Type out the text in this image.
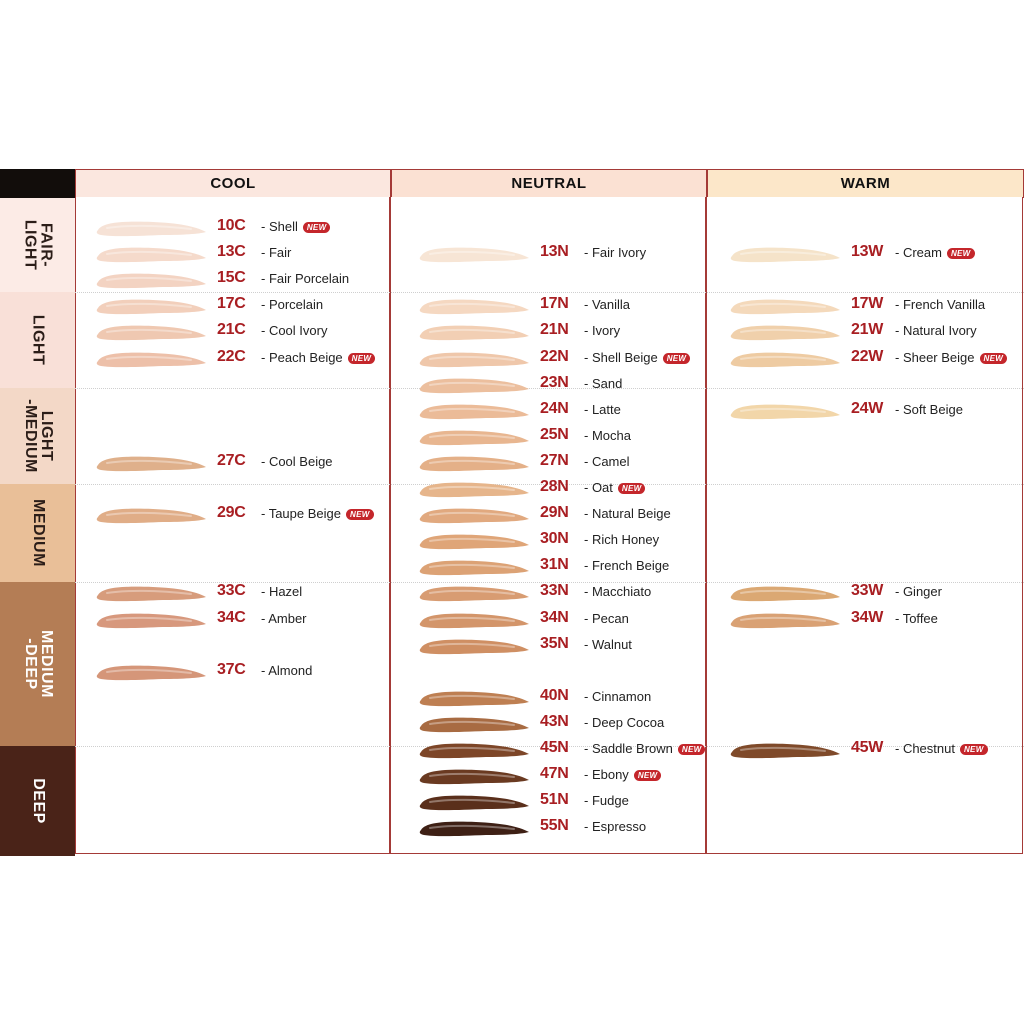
COOL	NEUTRAL	WARM
FAIR-
LIGHT
LIGHT
LIGHT
-MEDIUM
MEDIUM
MEDIUM
-DEEP
DEEP
10C - Shell NEW
13C - Fair
15C - Fair Porcelain
17C - Porcelain
21C - Cool Ivory
22C - Peach Beige NEW
27C - Cool Beige
29C - Taupe Beige NEW
33C - Hazel
34C - Amber
37C - Almond
13N - Fair Ivory
17N - Vanilla
21N - Ivory
22N - Shell Beige NEW
23N - Sand
24N - Latte
25N - Mocha
27N - Camel
28N - Oat NEW
29N - Natural Beige
30N - Rich Honey
31N - French Beige
33N - Macchiato
34N - Pecan
35N - Walnut
40N - Cinnamon
43N - Deep Cocoa
45N - Saddle Brown NEW
47N - Ebony NEW
51N - Fudge
55N - Espresso
13W - Cream NEW
17W - French Vanilla
21W - Natural Ivory
22W - Sheer Beige NEW
24W - Soft Beige
33W - Ginger
34W - Toffee
45W - Chestnut NEW
